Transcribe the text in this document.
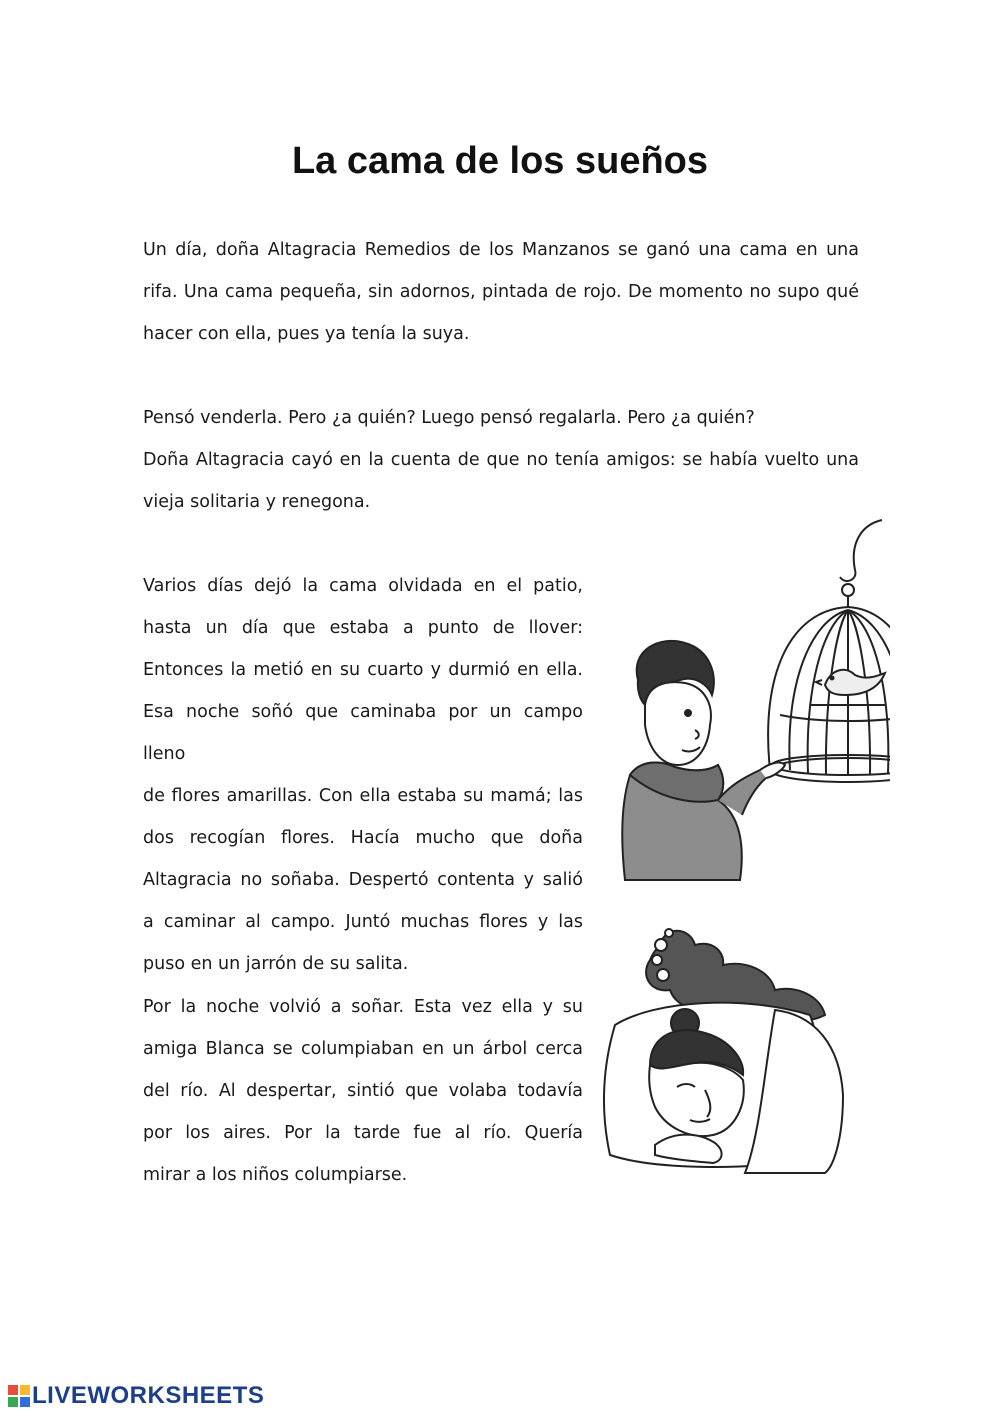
La cama de los sueños

Un día, doña Altagracia Remedios de los Manzanos se ganó una cama en una
rifa. Una cama pequeña, sin adornos, pintada de rojo. De momento no supo qué
hacer con ella, pues ya tenía la suya.

Pensó venderla. Pero ¿a quién? Luego pensó regalarla. Pero ¿a quién?
Doña Altagracia cayó en la cuenta de que no tenía amigos: se había vuelto una
vieja solitaria y renegona.

Varios días dejó la cama olvidada en el patio,
hasta un día que estaba a punto de llover:
Entonces la metió en su cuarto y durmió en ella.
Esa noche soñó que caminaba por un campo lleno
de flores amarillas. Con ella estaba su mamá; las
dos recogían flores. Hacía mucho que doña
Altagracia no soñaba. Despertó contenta y salió
a caminar al campo. Juntó muchas flores y las
puso en un jarrón de su salita.

Por la noche volvió a soñar. Esta vez ella y su
amiga Blanca se columpiaban en un árbol cerca
del río. Al despertar, sintió que volaba todavía
por los aires. Por la tarde fue al río. Quería
mirar a los niños columpiarse.

LIVEWORKSHEETS
